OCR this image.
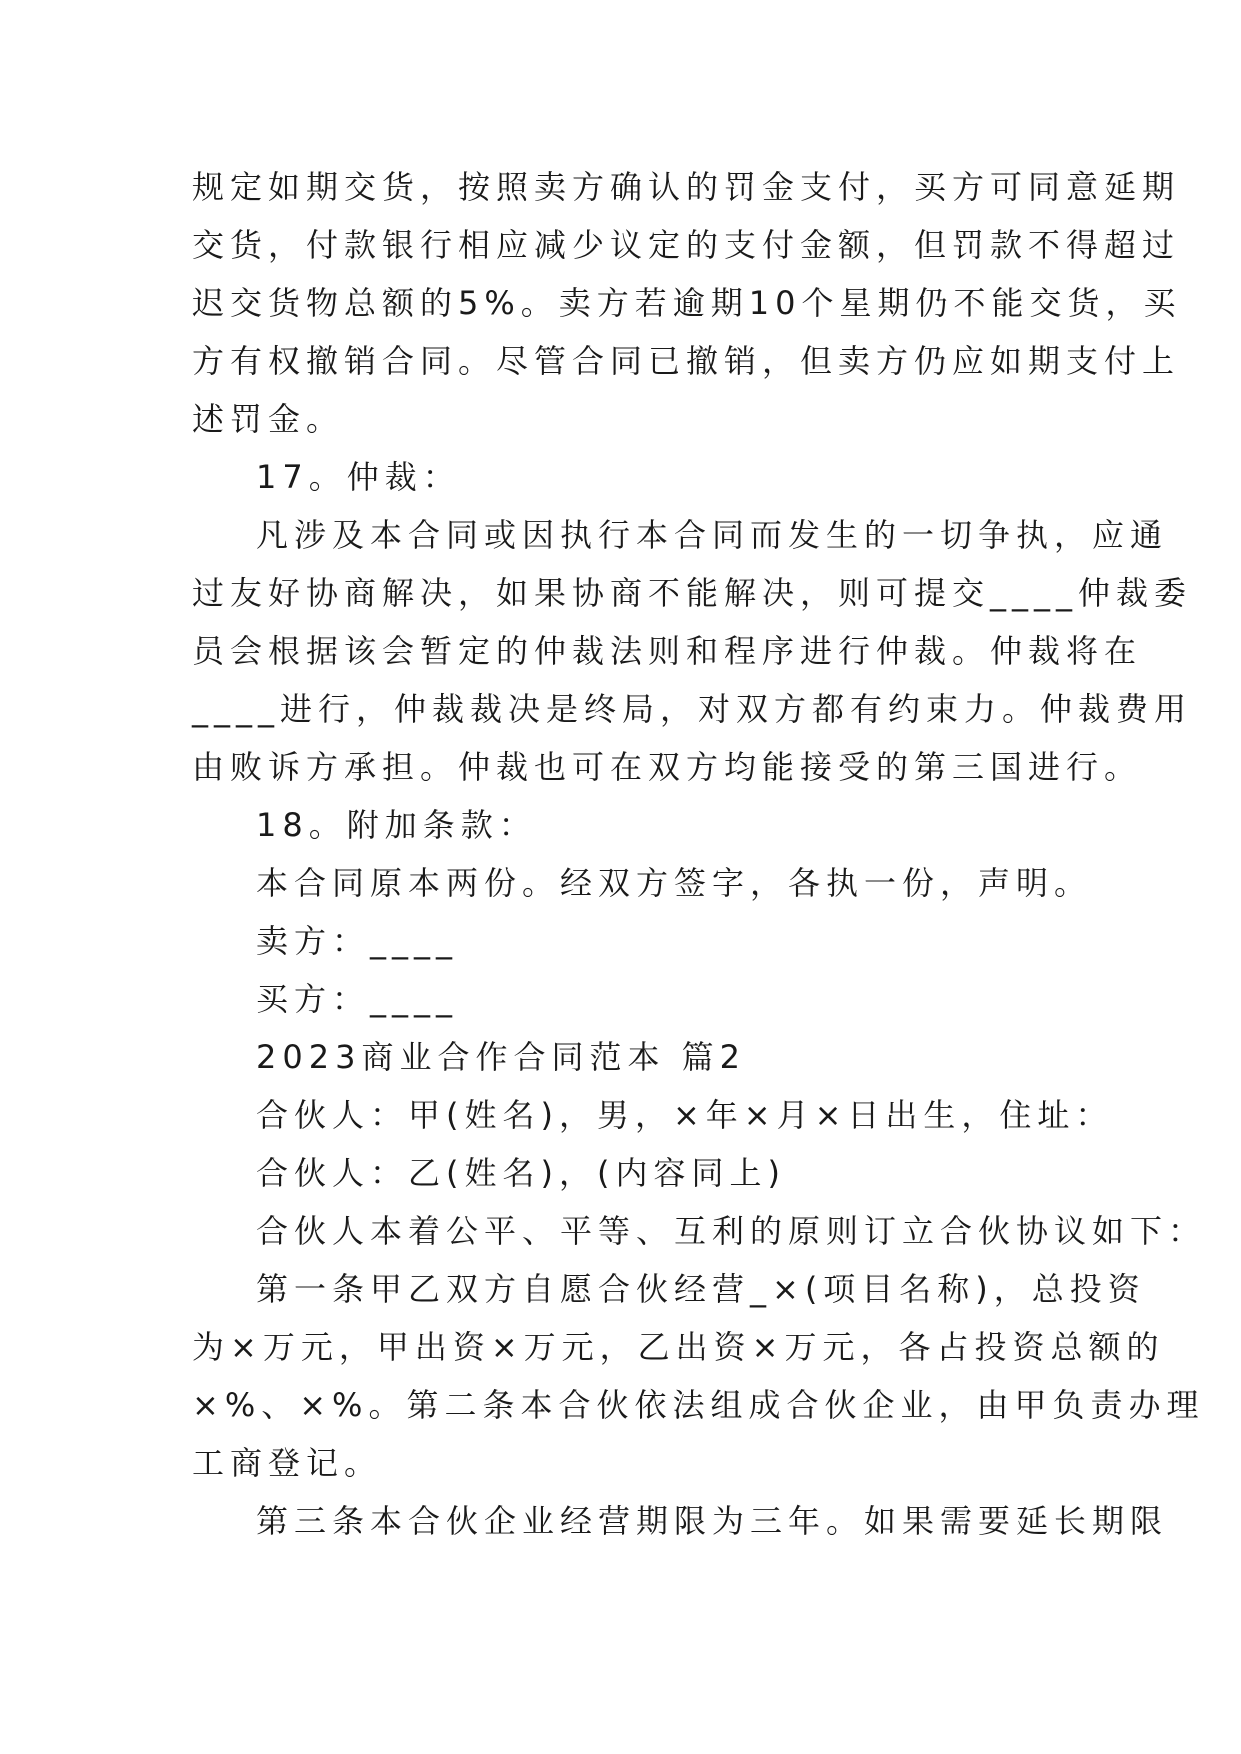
规定如期交货，按照卖方确认的罚金支付，买方可同意延期
交货，付款银行相应减少议定的支付金额，但罚款不得超过
迟交货物总额的5%。卖方若逾期10个星期仍不能交货，买
方有权撤销合同。尽管合同已撤销，但卖方仍应如期支付上
述罚金。
17。仲裁：
凡涉及本合同或因执行本合同而发生的一切争执，应通
过友好协商解决，如果协商不能解决，则可提交____仲裁委
员会根据该会暂定的仲裁法则和程序进行仲裁。仲裁将在
____进行，仲裁裁决是终局，对双方都有约束力。仲裁费用
由败诉方承担。仲裁也可在双方均能接受的第三国进行。
18。附加条款：
本合同原本两份。经双方签字，各执一份，声明。
卖方：____
买方：____
2023商业合作合同范本 篇2
合伙人：甲(姓名)，男，×年×月×日出生，住址：
合伙人：乙(姓名)，(内容同上)
合伙人本着公平、平等、互利的原则订立合伙协议如下：
第一条甲乙双方自愿合伙经营_×(项目名称)，总投资
为×万元，甲出资×万元，乙出资×万元，各占投资总额的
×%、×%。第二条本合伙依法组成合伙企业，由甲负责办理
工商登记。
第三条本合伙企业经营期限为三年。如果需要延长期限
